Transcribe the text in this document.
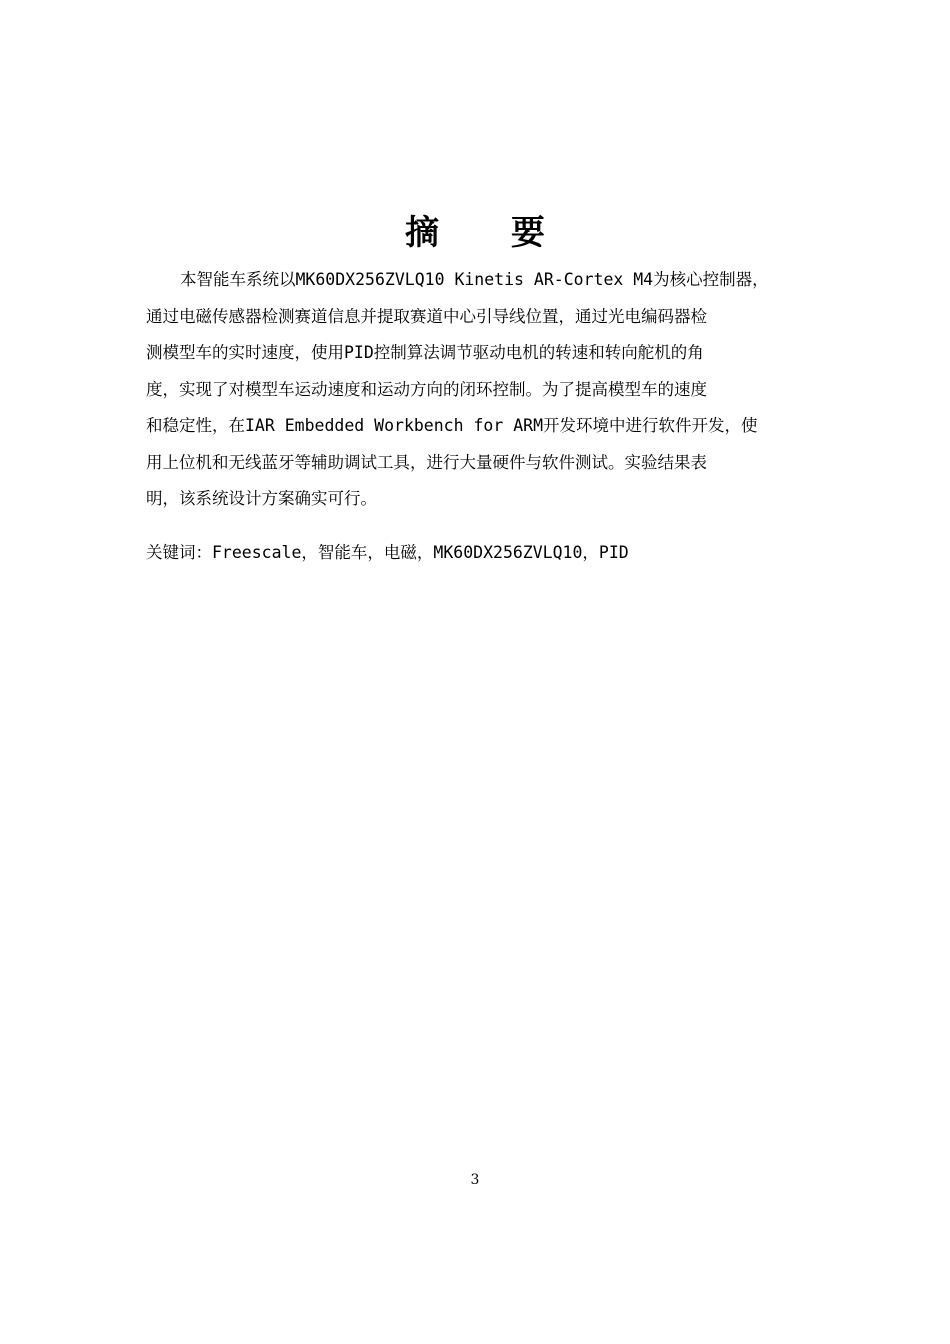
摘 要
本智能车系统以MK60DX256ZVLQ10 Kinetis AR-Cortex M4为核心控制器，
通过电磁传感器检测赛道信息并提取赛道中心引导线位置，通过光电编码器检
测模型车的实时速度，使用PID控制算法调节驱动电机的转速和转向舵机的角
度，实现了对模型车运动速度和运动方向的闭环控制。为了提高模型车的速度
和稳定性，在IAR Embedded Workbench for ARM开发环境中进行软件开发，使
用上位机和无线蓝牙等辅助调试工具，进行大量硬件与软件测试。实验结果表
明，该系统设计方案确实可行。

关键词：Freescale，智能车，电磁，MK60DX256ZVLQ10，PID

3
